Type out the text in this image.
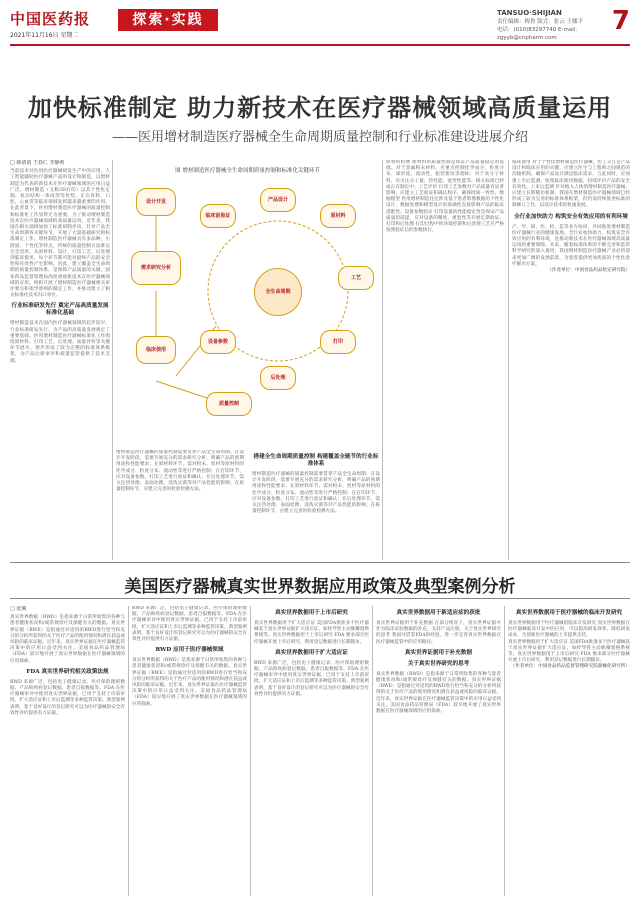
中国医药报	探索·实践
2021年11月16日 星期二
TANSUO·SHIJIAN
责任编辑：梅鲁 版式：张云 王娜平
电话：(010)83297740 E-mail：zgyyb@cnpharm.com
7
加快标准制定 助力新技术在医疗器械领域高质量运用
——医用增材制造医疗器械全生命周期质量控制和行业标准建设进展介绍
□ 韩倩倩 王春仁 李静莉
当前技术对医用医疗器械研发生产中的应用，人工智能辅助医疗器械产品的设计和制造，以增材制造为代表的新技术在医疗器械领域的应用日益广泛。增材制造（又称3D打印）以其个性化定制、复杂结构一体成型等优势，正在骨科、口腔、心血管等临床领域发挥越来越重要的作用。在此背景下，医用增材制造医疗器械的质量控制和标准化工作显得尤为重要。为了推动增材制造技术在医疗器械领域的高质量运用，近年来，我国在相关领域加快了标准研制步伐，针对产品全生命周期各关键环节，开展了大量基础研究和标准制定工作。增材制造医疗器械具有多品种、小批量、个性化等特点，传统的质量控制方法难以完全适用。从原材料、设计、打印工艺、后处理到临床使用，每个环节都可能对最终产品的安全性和有效性产生影响。因此，建立覆盖全生命周期的质量控制体系，是保障产品质量的关键。国家药品监督管理局高度重视新技术在医疗器械领域的应用，组织开展了增材制造医疗器械相关审评要点和指导原则的制定工作，并推动建立了相关标准化技术归口单位。
行业标准研发先行 奠定产品高质量发展标准化基础
增材制造技术在国内医疗器械领域的起步较早，行业标准研发先行，为产品的高质量发展奠定了重要基础。医用增材制造医疗器械标准化工作围绕原材料、打印工艺、后处理、质量评价等关键环节展开，逐步形成了较为完整的标准体系框架，为产品注册审评和质量监管提供了技术支撑。
图 增材制造医疗器械全生命周期质量控制和标准化关键环节
设计开发
需求研究分析
临床使用
全生命周期
临床前验证
产品设计
原材料
工艺
打印
后处理
设备参数
质量控制
增材制造医疗器械的质量控制需要贯穿产品全生命周期。在设计开发阶段，需要开展充分的需求研究分析，明确产品的预期用途和性能要求；在原材料环节，需对粉末、丝材等原材料的化学成分、粒度分布、流动性等进行严格控制；在打印环节，应对设备参数、打印工艺进行验证和确认；在后处理环节，需关注热处理、表面处理、清洗灭菌等对产品性能的影响；在质量控制环节，应建立完善的检验检测方法。
搭建全生命周期质量控制 构建覆盖全链节的行业标准体系
增材制造医疗器械的质量控制需要贯穿产品全生命周期。在设计开发阶段，需要开展充分的需求研究分析，明确产品的预期用途和性能要求；在原材料环节，需对粉末、丝材等原材料的化学成分、粒度分布、流动性等进行严格控制；在打印环节，应对设备参数、打印工艺进行验证和确认；在后处理环节，需关注热处理、表面处理、清洗灭菌等对产品性能的影响；在质量控制环节，应建立完善的检验检测方法。
原材料检测 原材料的质量控制是保证产品质量稳定的基础。对于金属粉末材料，应重点控制化学成分、粒度分布、球形度、流动性、松装密度等指标；对于高分子材料，应关注分子量、热性能、流变性能等。相关标准已经或正在制定中。工艺评价 打印工艺参数对产品质量有显著影响，应建立工艺验证和确认程序，确保批间一致性。数据模型 医用增材制造往往涉及基于患者影像数据的个性化设计，数据处理和模型设计的准确性直接影响产品的临床适配性。设备参数验证 打印设备的性能稳定性是保证产品质量的前提，应对设备的精度、重复性等开展定期验证。打印和后处理 打印过程中的环境控制和后处理工艺应严格按照验证后的参数执行。
临床使用 对于个性化增材制造医疗器械，医工交互是产品设计和临床应用的关键。应建立医生与工程师之间规范的沟通机制，确保产品设计满足临床需求。与此同时，应加强上市后监测，收集临床使用数据，持续评价产品的安全有效性。上市后监测 针对植入人体的增材制造医疗器械，应建立长期随访机制。我国在增材制造医疗器械领域已经形成了较为完善的标准体系框架，但仍需持续推进标准的制修订工作，以适应技术的快速发展。
全行业加快助力 构筑安全有效应用的有利环境
产、学、研、医、检、监等多方协同，共同推进增材制造医疗器械行业的健康发展。全行业加快助力，构筑安全有效应用的有利环境，是推动新技术在医疗器械领域高质量运用的重要保障。未来，随着标准体系的不断完善和监管科学研究的深入推进，我国增材制造医疗器械产业必将迎来更加广阔的发展前景，为患者提供更加优质的个性化诊疗解决方案。
（作者单位：中国食品药品检定研究院）
美国医疗器械真实世界数据应用政策及典型案例分析
□ 张翼
真实世界数据（RWD）是指来源于日常所收集的各种与患者健康状况和/或常规诊疗及保健有关的数据。真实世界证据（RWE）是指通过对适用的RWD进行恰当和充分的分析所获得的关于医疗产品的使用情况和潜在获益或风险的临床证据。近年来，真实世界证据在医疗器械监管决策中的应用日益受到关注。美国食品药品管理局（FDA）较早地开展了真实世界数据在医疗器械领域的应用探索。
FDA 真实世界研究相关政策法规
RWD 来源广泛，包括电子健康记录、医疗保险理赔数据、产品和疾病登记数据、患者自报数据等。FDA 在医疗器械审评中使用真实世界证据，已用于支持上市前审批、扩大适应证和上市后监测等多种监管决策。典型案例表明，基于良好设计的登记研究可以为医疗器械的安全有效性评价提供有力证据。
RWD 来源广泛，包括电子健康记录、医疗保险理赔数据、产品和疾病登记数据、患者自报数据等。FDA 在医疗器械审评中使用真实世界证据，已用于支持上市前审批、扩大适应证和上市后监测等多种监管决策。典型案例表明，基于良好设计的登记研究可以为医疗器械的安全有效性评价提供有力证据。
RWD 应用于医疗器械领域
真实世界数据（RWD）是指来源于日常所收集的各种与患者健康状况和/或常规诊疗及保健有关的数据。真实世界证据（RWE）是指通过对适用的RWD进行恰当和充分的分析所获得的关于医疗产品的使用情况和潜在获益或风险的临床证据。近年来，真实世界证据在医疗器械监管决策中的应用日益受到关注。美国食品药品管理局（FDA）较早地开展了真实世界数据在医疗器械领域的应用探索。
真实世界数据用于上市后研究
真实世界数据用于扩大适应证 美国FDA批准多个医疗器械基于真实世界证据扩大适应证，如经导管主动脉瓣置换系统等。真实世界数据用于上市后研究 FDA 要求部分医疗器械开展上市后研究，利用登记数据进行长期随访。
真实世界数据用于扩大适应证
RWD 来源广泛，包括电子健康记录、医疗保险理赔数据、产品和疾病登记数据、患者自报数据等。FDA 在医疗器械审评中使用真实世界证据，已用于支持上市前审批、扩大适应证和上市后监测等多种监管决策。典型案例表明，基于良好设计的登记研究可以为医疗器械的安全有效性评价提供有力证据。
真实世界数据用于新适应症的获批
真实世界证据用于补充数据 在部分情况下，真实世界证据可作为临床试验数据的补充，支持产品注册。关于真实世界研究的思考 我国可借鉴FDA的经验，进一步完善真实世界数据在医疗器械监管中的应用路径。
真实世界证据用于补充数据
关于真实世界研究的思考
真实世界数据（RWD）是指来源于日常所收集的各种与患者健康状况和/或常规诊疗及保健有关的数据。真实世界证据（RWE）是指通过对适用的RWD进行恰当和充分的分析所获得的关于医疗产品的使用情况和潜在获益或风险的临床证据。近年来，真实世界证据在医疗器械监管决策中的应用日益受到关注。美国食品药品管理局（FDA）较早地开展了真实世界数据在医疗器械领域的应用探索。
真实世界数据用于医疗器械的临床开发研究
真实世界数据用于医疗器械的临床开发研究 真实世界数据在医疗器械临床开发中的应用，可以提高研发效率、降低研发成本，为创新医疗器械的上市提供支持。
真实世界数据用于扩大适应证 美国FDA批准多个医疗器械基于真实世界证据扩大适应证，如经导管主动脉瓣置换系统等。真实世界数据用于上市后研究 FDA 要求部分医疗器械开展上市后研究，利用登记数据进行长期随访。
（作者单位：中国食品药品监督管理研究院器械化研究所）
